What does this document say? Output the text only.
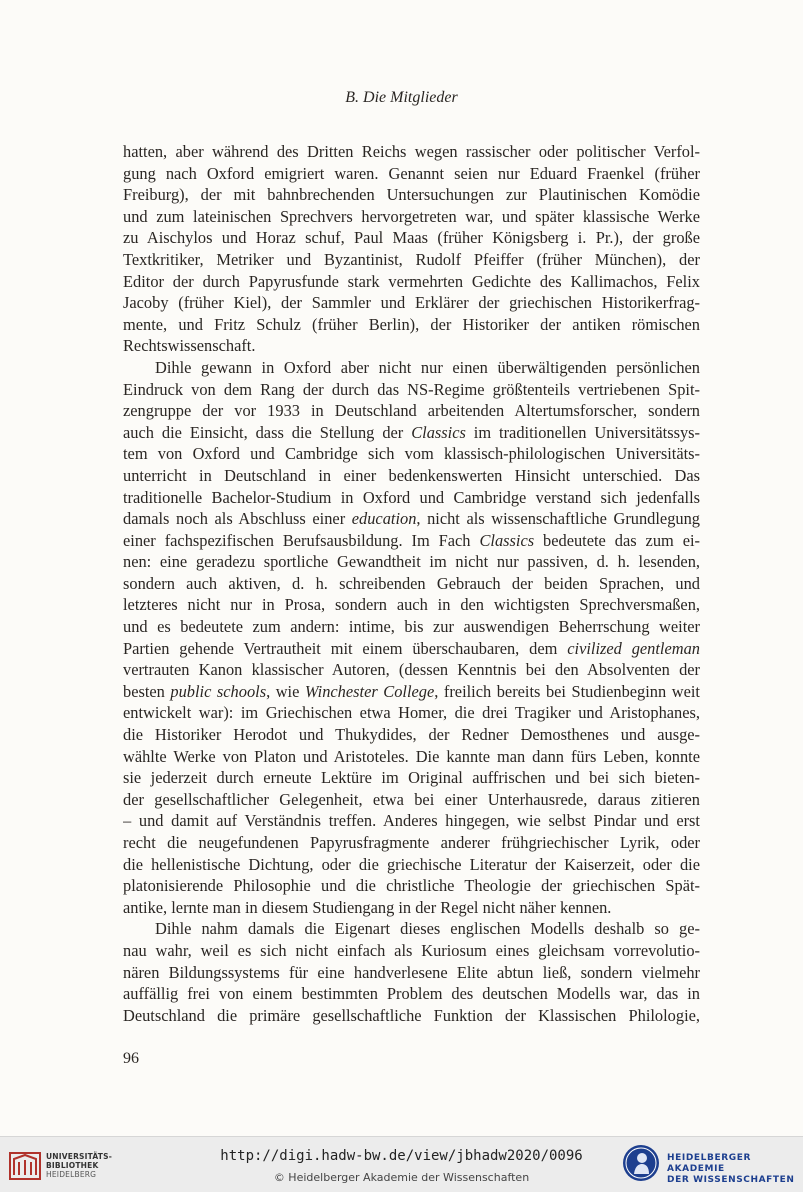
B. Die Mitglieder
hatten, aber während des Dritten Reichs wegen rassischer oder politischer Verfol-
gung nach Oxford emigriert waren. Genannt seien nur Eduard Fraenkel (früher
Freiburg), der mit bahnbrechenden Untersuchungen zur Plautinischen Komödie
und zum lateinischen Sprechvers hervorgetreten war, und später klassische Werke
zu Aischylos und Horaz schuf, Paul Maas (früher Königsberg i. Pr.), der große
Textkritiker, Metriker und Byzantinist, Rudolf Pfeiffer (früher München), der
Editor der durch Papyrusfunde stark vermehrten Gedichte des Kallimachos, Felix
Jacoby (früher Kiel), der Sammler und Erklärer der griechischen Historikerfrag-
mente, und Fritz Schulz (früher Berlin), der Historiker der antiken römischen
Rechtswissenschaft.
Dihle gewann in Oxford aber nicht nur einen überwältigenden persönlichen
Eindruck von dem Rang der durch das NS-Regime größtenteils vertriebenen Spit-
zengruppe der vor 1933 in Deutschland arbeitenden Altertumsforscher, sondern
auch die Einsicht, dass die Stellung der Classics im traditionellen Universitätssys-
tem von Oxford und Cambridge sich vom klassisch-philologischen Universitäts-
unterricht in Deutschland in einer bedenkenswerten Hinsicht unterschied. Das
traditionelle Bachelor-Studium in Oxford und Cambridge verstand sich jedenfalls
damals noch als Abschluss einer education, nicht als wissenschaftliche Grundlegung
einer fachspezifischen Berufsausbildung. Im Fach Classics bedeutete das zum ei-
nen: eine geradezu sportliche Gewandtheit im nicht nur passiven, d. h. lesenden,
sondern auch aktiven, d. h. schreibenden Gebrauch der beiden Sprachen, und
letzteres nicht nur in Prosa, sondern auch in den wichtigsten Sprechversmaßen,
und es bedeutete zum andern: intime, bis zur auswendigen Beherrschung weiter
Partien gehende Vertrautheit mit einem überschaubaren, dem civilized gentleman
vertrauten Kanon klassischer Autoren, (dessen Kenntnis bei den Absolventen der
besten public schools, wie Winchester College, freilich bereits bei Studienbeginn weit
entwickelt war): im Griechischen etwa Homer, die drei Tragiker und Aristophanes,
die Historiker Herodot und Thukydides, der Redner Demosthenes und ausge-
wählte Werke von Platon und Aristoteles. Die kannte man dann fürs Leben, konnte
sie jederzeit durch erneute Lektüre im Original auffrischen und bei sich bieten-
der gesellschaftlicher Gelegenheit, etwa bei einer Unterhausrede, daraus zitieren
– und damit auf Verständnis treffen. Anderes hingegen, wie selbst Pindar und erst
recht die neugefundenen Papyrusfragmente anderer frühgriechischer Lyrik, oder
die hellenistische Dichtung, oder die griechische Literatur der Kaiserzeit, oder die
platonisierende Philosophie und die christliche Theologie der griechischen Spät-
antike, lernte man in diesem Studiengang in der Regel nicht näher kennen.
Dihle nahm damals die Eigenart dieses englischen Modells deshalb so ge-
nau wahr, weil es sich nicht einfach als Kuriosum eines gleichsam vorrevolutio-
nären Bildungssystems für eine handverlesene Elite abtun ließ, sondern vielmehr
auffällig frei von einem bestimmten Problem des deutschen Modells war, das in
Deutschland die primäre gesellschaftliche Funktion der Klassischen Philologie,
96
UNIVERSITÄTS-
BIBLIOTHEK
HEIDELBERG
http://digi.hadw-bw.de/view/jbhadw2020/0096
© Heidelberger Akademie der Wissenschaften
HEIDELBERGER AKADEMIE
DER WISSENSCHAFTEN
